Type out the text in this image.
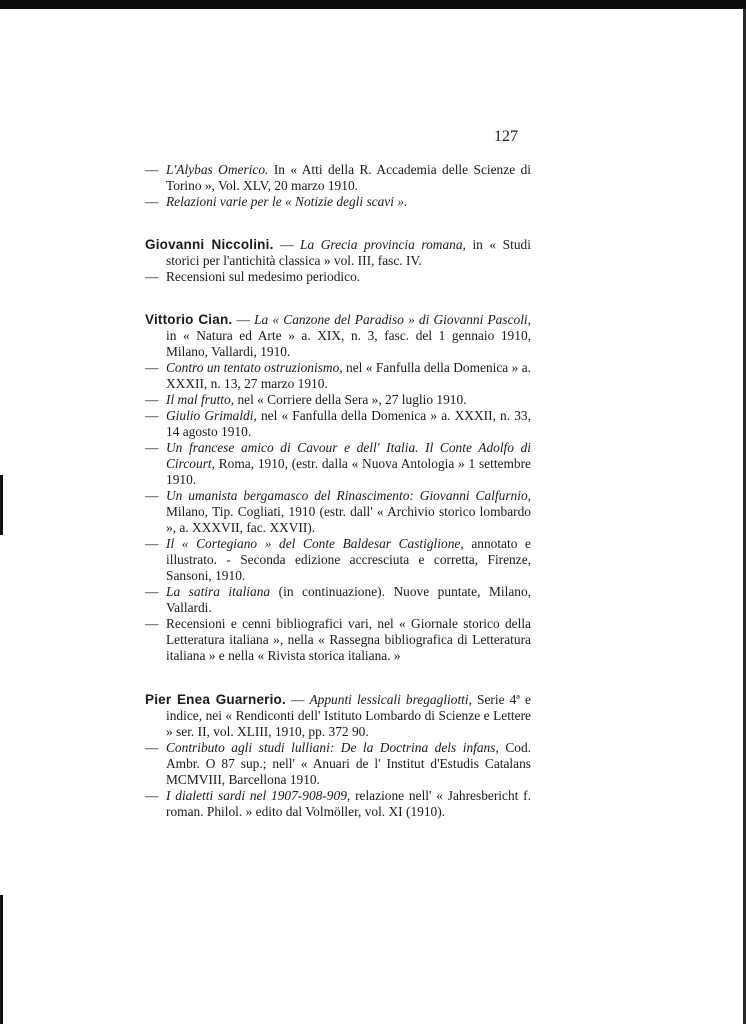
127
— L'Alybas Omerico. In « Atti della R. Accademia delle Scienze di Torino », Vol. XLV, 20 marzo 1910.
— Relazioni varie per le « Notizie degli scavi ».
Giovanni Niccolini. — La Grecia provincia romana, in « Studi storici per l'antichità classica » vol. III, fasc. IV.
— Recensioni sul medesimo periodico.
Vittorio Cian. — La « Canzone del Paradiso » di Giovanni Pascoli, in « Natura ed Arte » a. XIX, n. 3, fasc. del 1 gennaio 1910, Milano, Vallardi, 1910.
— Contro un tentato ostruzionismo, nel « Fanfulla della Domenica » a. XXXII, n. 13, 27 marzo 1910.
— Il mal frutto, nel « Corriere della Sera », 27 luglio 1910.
— Giulio Grimaldi, nel « Fanfulla della Domenica » a. XXXII, n. 33, 14 agosto 1910.
— Un francese amico di Cavour e dell' Italia. Il Conte Adolfo di Circourt, Roma, 1910, (estr. dalla « Nuova Antologia » 1 settembre 1910.
— Un umanista bergamasco del Rinascimento: Giovanni Calfurnio, Milano, Tip. Cogliati, 1910 (estr. dall' « Archivio storico lombardo », a. XXXVII, fac. XXVII).
— Il « Cortegiano » del Conte Baldesar Castiglione, annotato e illustrato. - Seconda edizione accresciuta e corretta, Firenze, Sansoni, 1910.
— La satira italiana (in continuazione). Nuove puntate, Milano, Vallardi.
— Recensioni e cenni bibliografici vari, nel « Giornale storico della Letteratura italiana », nella « Rassegna bibliografica di Letteratura italiana » e nella « Rivista storica italiana. »
Pier Enea Guarnerio. — Appunti lessicali bregagliotti, Serie 4ª e indice, nei « Rendiconti dell' Istituto Lombardo di Scienze e Lettere » ser. II, vol. XLIII, 1910, pp. 372 90.
— Contributo agli studi lulliani: De la Doctrina dels infans, Cod. Ambr. O 87 sup.; nell' « Anuari de l' Institut d'Estudis Catalans MCMVIII, Barcellona 1910.
— I dialetti sardi nel 1907-908-909, relazione nell' « Jahresbericht f. roman. Philol. » edito dal Volmöller, vol. XI (1910).
